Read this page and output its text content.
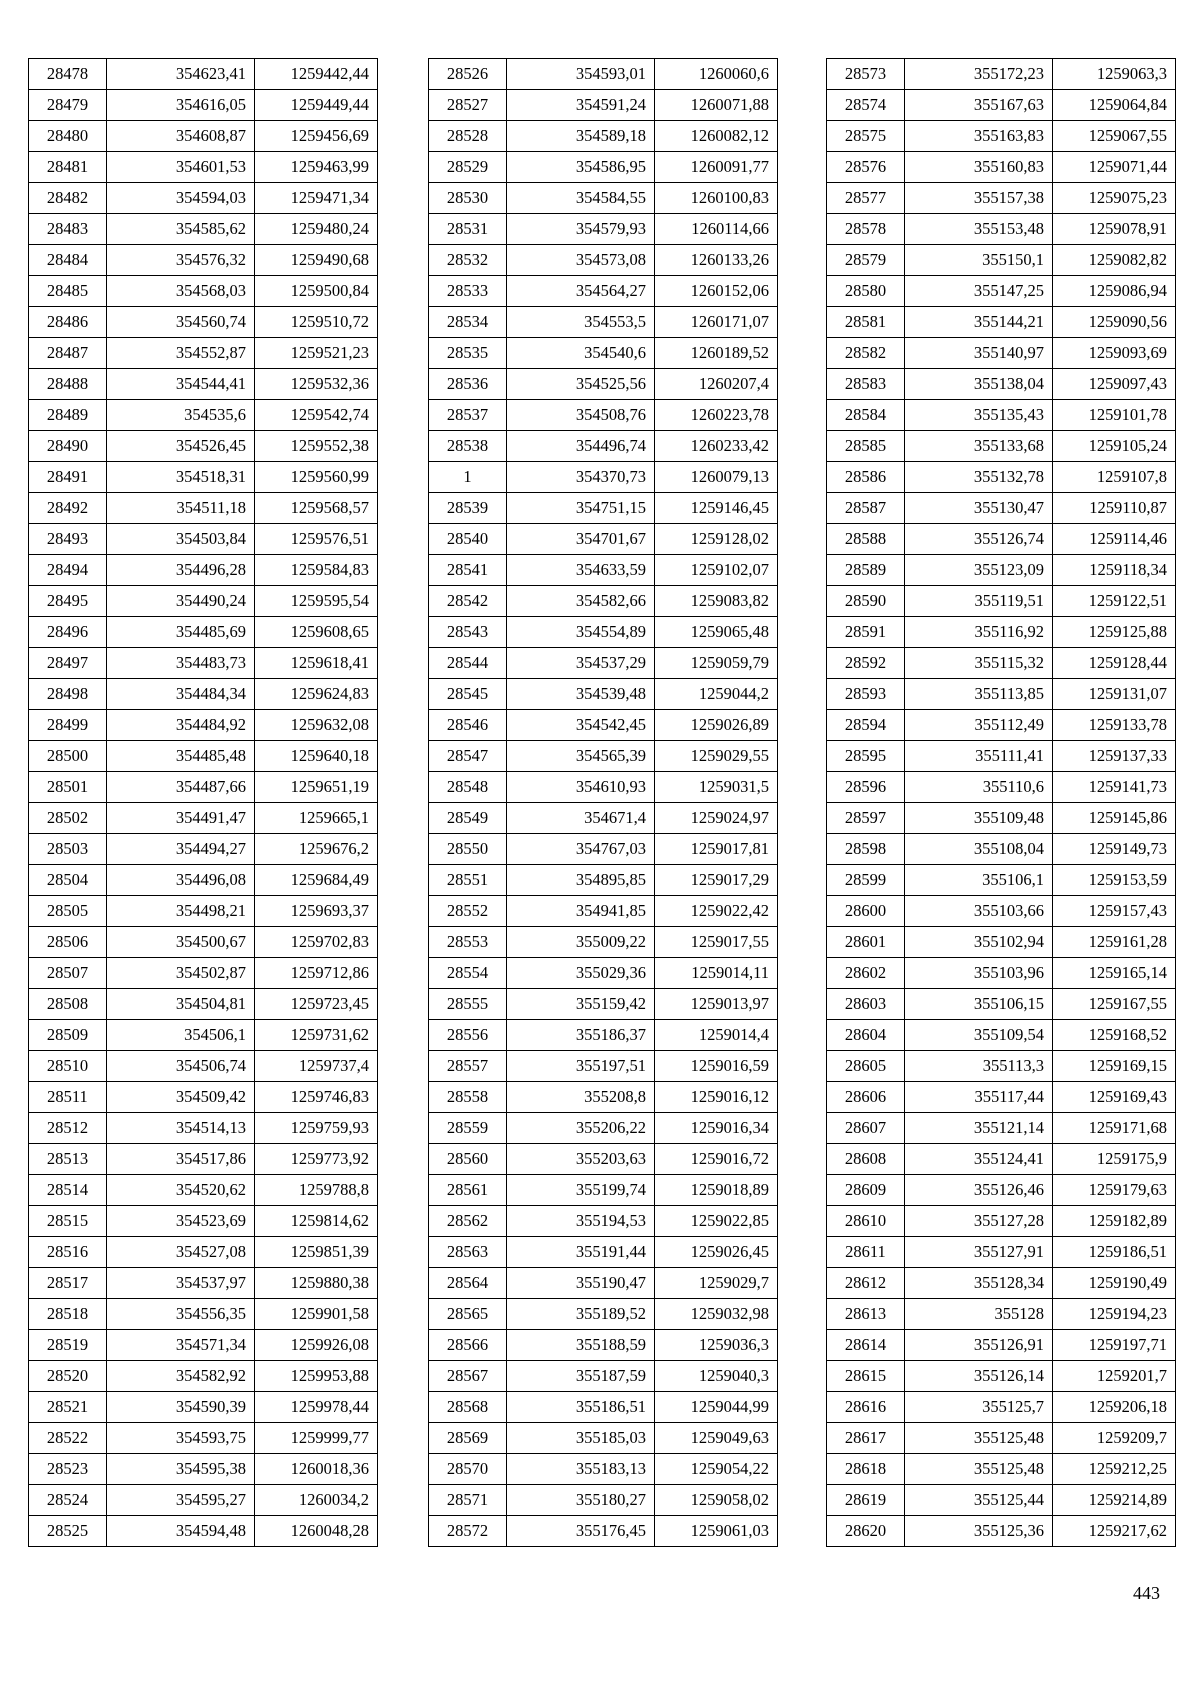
28478	354623,41	1259442,44
28479	354616,05	1259449,44
28480	354608,87	1259456,69
28481	354601,53	1259463,99
28482	354594,03	1259471,34
28483	354585,62	1259480,24
28484	354576,32	1259490,68
28485	354568,03	1259500,84
28486	354560,74	1259510,72
28487	354552,87	1259521,23
28488	354544,41	1259532,36
28489	354535,6	1259542,74
28490	354526,45	1259552,38
28491	354518,31	1259560,99
28492	354511,18	1259568,57
28493	354503,84	1259576,51
28494	354496,28	1259584,83
28495	354490,24	1259595,54
28496	354485,69	1259608,65
28497	354483,73	1259618,41
28498	354484,34	1259624,83
28499	354484,92	1259632,08
28500	354485,48	1259640,18
28501	354487,66	1259651,19
28502	354491,47	1259665,1
28503	354494,27	1259676,2
28504	354496,08	1259684,49
28505	354498,21	1259693,37
28506	354500,67	1259702,83
28507	354502,87	1259712,86
28508	354504,81	1259723,45
28509	354506,1	1259731,62
28510	354506,74	1259737,4
28511	354509,42	1259746,83
28512	354514,13	1259759,93
28513	354517,86	1259773,92
28514	354520,62	1259788,8
28515	354523,69	1259814,62
28516	354527,08	1259851,39
28517	354537,97	1259880,38
28518	354556,35	1259901,58
28519	354571,34	1259926,08
28520	354582,92	1259953,88
28521	354590,39	1259978,44
28522	354593,75	1259999,77
28523	354595,38	1260018,36
28524	354595,27	1260034,2
28525	354594,48	1260048,28
28526	354593,01	1260060,6
28527	354591,24	1260071,88
28528	354589,18	1260082,12
28529	354586,95	1260091,77
28530	354584,55	1260100,83
28531	354579,93	1260114,66
28532	354573,08	1260133,26
28533	354564,27	1260152,06
28534	354553,5	1260171,07
28535	354540,6	1260189,52
28536	354525,56	1260207,4
28537	354508,76	1260223,78
28538	354496,74	1260233,42
1	354370,73	1260079,13
28539	354751,15	1259146,45
28540	354701,67	1259128,02
28541	354633,59	1259102,07
28542	354582,66	1259083,82
28543	354554,89	1259065,48
28544	354537,29	1259059,79
28545	354539,48	1259044,2
28546	354542,45	1259026,89
28547	354565,39	1259029,55
28548	354610,93	1259031,5
28549	354671,4	1259024,97
28550	354767,03	1259017,81
28551	354895,85	1259017,29
28552	354941,85	1259022,42
28553	355009,22	1259017,55
28554	355029,36	1259014,11
28555	355159,42	1259013,97
28556	355186,37	1259014,4
28557	355197,51	1259016,59
28558	355208,8	1259016,12
28559	355206,22	1259016,34
28560	355203,63	1259016,72
28561	355199,74	1259018,89
28562	355194,53	1259022,85
28563	355191,44	1259026,45
28564	355190,47	1259029,7
28565	355189,52	1259032,98
28566	355188,59	1259036,3
28567	355187,59	1259040,3
28568	355186,51	1259044,99
28569	355185,03	1259049,63
28570	355183,13	1259054,22
28571	355180,27	1259058,02
28572	355176,45	1259061,03
28573	355172,23	1259063,3
28574	355167,63	1259064,84
28575	355163,83	1259067,55
28576	355160,83	1259071,44
28577	355157,38	1259075,23
28578	355153,48	1259078,91
28579	355150,1	1259082,82
28580	355147,25	1259086,94
28581	355144,21	1259090,56
28582	355140,97	1259093,69
28583	355138,04	1259097,43
28584	355135,43	1259101,78
28585	355133,68	1259105,24
28586	355132,78	1259107,8
28587	355130,47	1259110,87
28588	355126,74	1259114,46
28589	355123,09	1259118,34
28590	355119,51	1259122,51
28591	355116,92	1259125,88
28592	355115,32	1259128,44
28593	355113,85	1259131,07
28594	355112,49	1259133,78
28595	355111,41	1259137,33
28596	355110,6	1259141,73
28597	355109,48	1259145,86
28598	355108,04	1259149,73
28599	355106,1	1259153,59
28600	355103,66	1259157,43
28601	355102,94	1259161,28
28602	355103,96	1259165,14
28603	355106,15	1259167,55
28604	355109,54	1259168,52
28605	355113,3	1259169,15
28606	355117,44	1259169,43
28607	355121,14	1259171,68
28608	355124,41	1259175,9
28609	355126,46	1259179,63
28610	355127,28	1259182,89
28611	355127,91	1259186,51
28612	355128,34	1259190,49
28613	355128	1259194,23
28614	355126,91	1259197,71
28615	355126,14	1259201,7
28616	355125,7	1259206,18
28617	355125,48	1259209,7
28618	355125,48	1259212,25
28619	355125,44	1259214,89
28620	355125,36	1259217,62
443
